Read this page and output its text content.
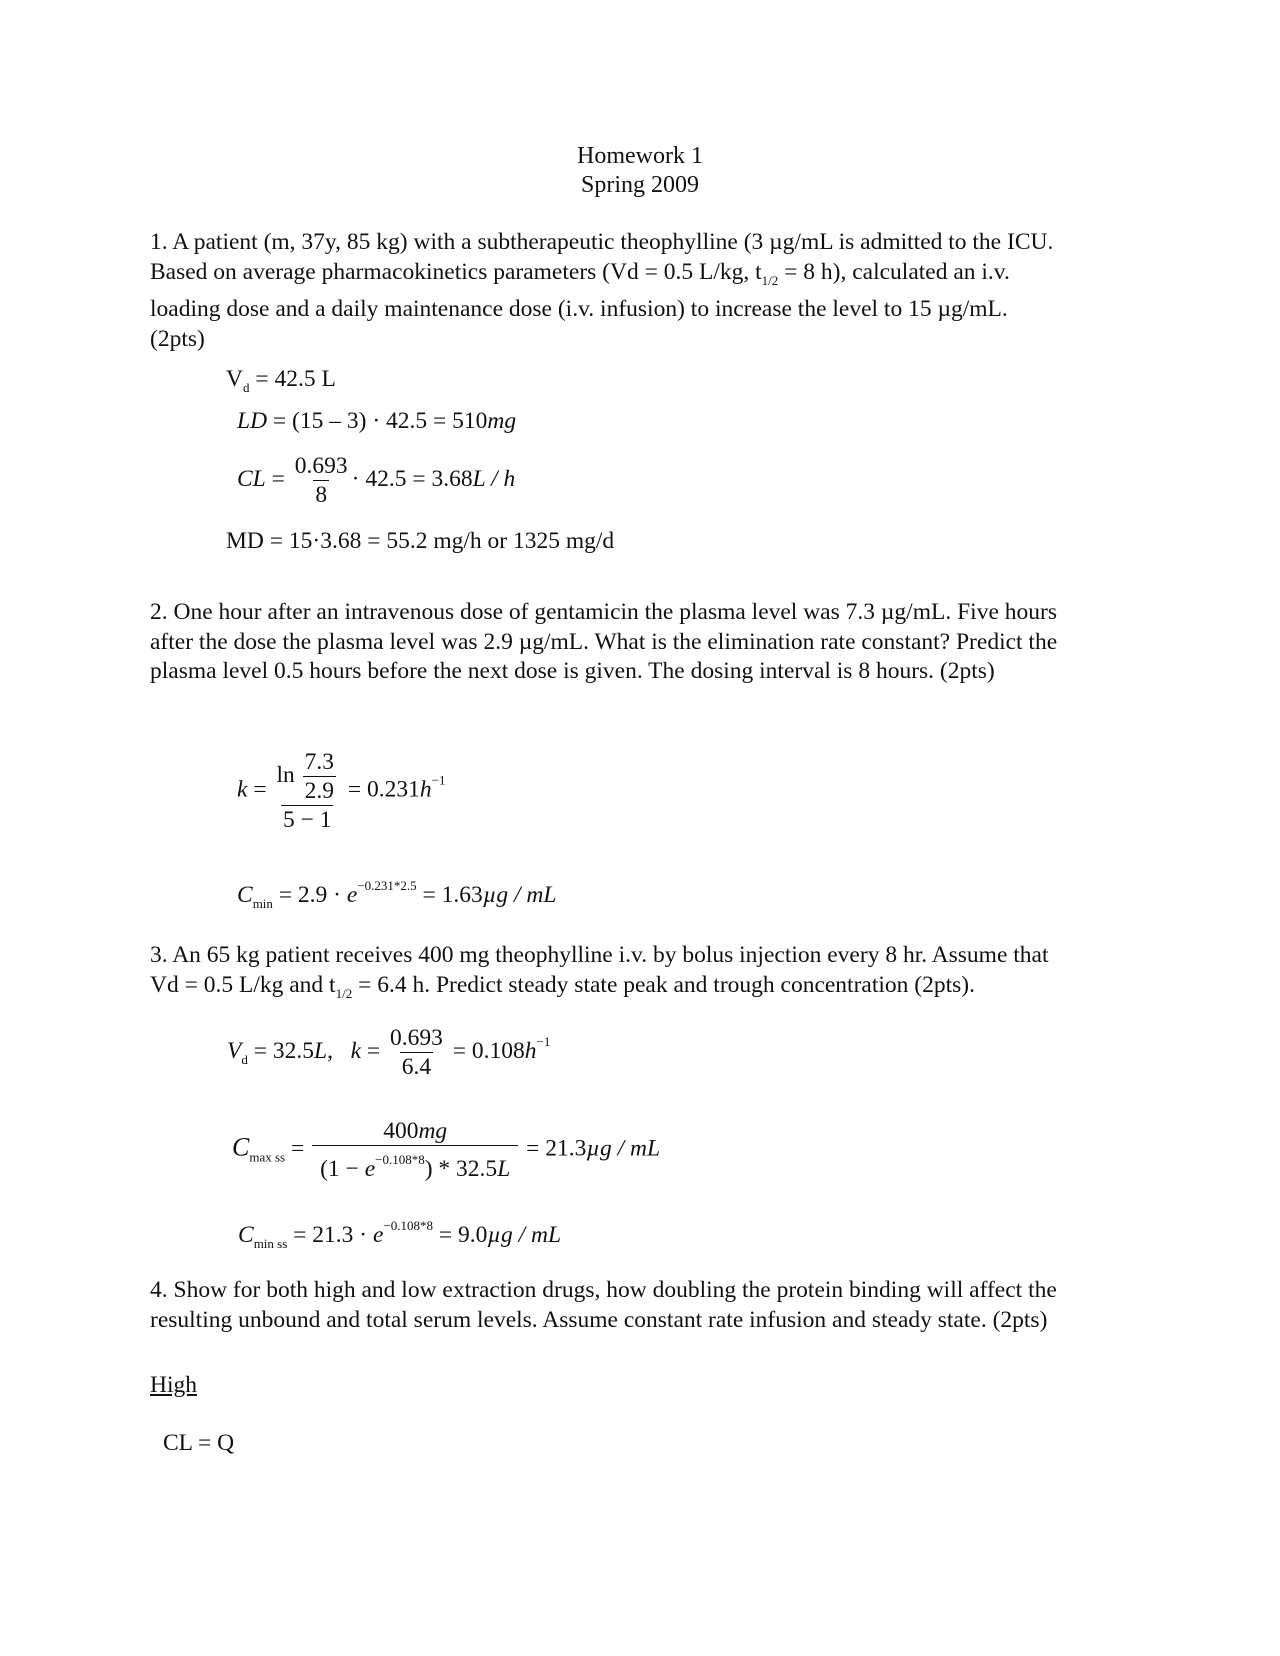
Homework 1
Spring 2009
1. A patient (m, 37y, 85 kg) with a subtherapeutic theophylline (3 µg/mL is admitted to the ICU.
Based on average pharmacokinetics parameters (Vd = 0.5 L/kg, $t_{1/2} = 8$ h), calculated an i.v.
loading dose and a daily maintenance dose (i.v. infusion) to increase the level to 15 µg/mL.
(2pts)
$V_d = 42.5$ L
LD = (15 – 3) · 42.5 = 510mg
CL = $\frac{0.693}{8} \cdot 42.5 = 3.68L / h$
MD = 15·3.68 = 55.2 mg/h or 1325 mg/d
2. One hour after an intravenous dose of gentamicin the plasma level was 7.3 µg/mL. Five hours
after the dose the plasma level was 2.9 µg/mL. What is the elimination rate constant? Predict the
plasma level 0.5 hours before the next dose is given. The dosing interval is 8 hours. (2pts)
$k = \frac{\ln \frac{7.3}{2.9}}{5 - 1} = 0.231h^{-1}$
$C_{min} = 2.9 \cdot e^{-0.231*2.5} = 1.63\mu g$ / mL
3. An 65 kg patient receives 400 mg theophylline i.v. by bolus injection every 8 hr. Assume that
Vd = 0.5 L/kg and $t_{1/2} = 6.4$ h. Predict steady state peak and trough concentration (2pts).
$V_d = 32.5L$,   $k = \frac{0.693}{6.4} = 0.108h^{-1}$
$C_{max ss} = \frac{400mg}{(1 - e^{-0.108*8}) * 32.5L} = 21.3\mu g$ / mL
$C_{min ss} = 21.3 \cdot e^{-0.108*8} = 9.0\mu g$ / mL
4. Show for both high and low extraction drugs, how doubling the protein binding will affect the
resulting unbound and total serum levels. Assume constant rate infusion and steady state. (2pts)
High
CL = Q
